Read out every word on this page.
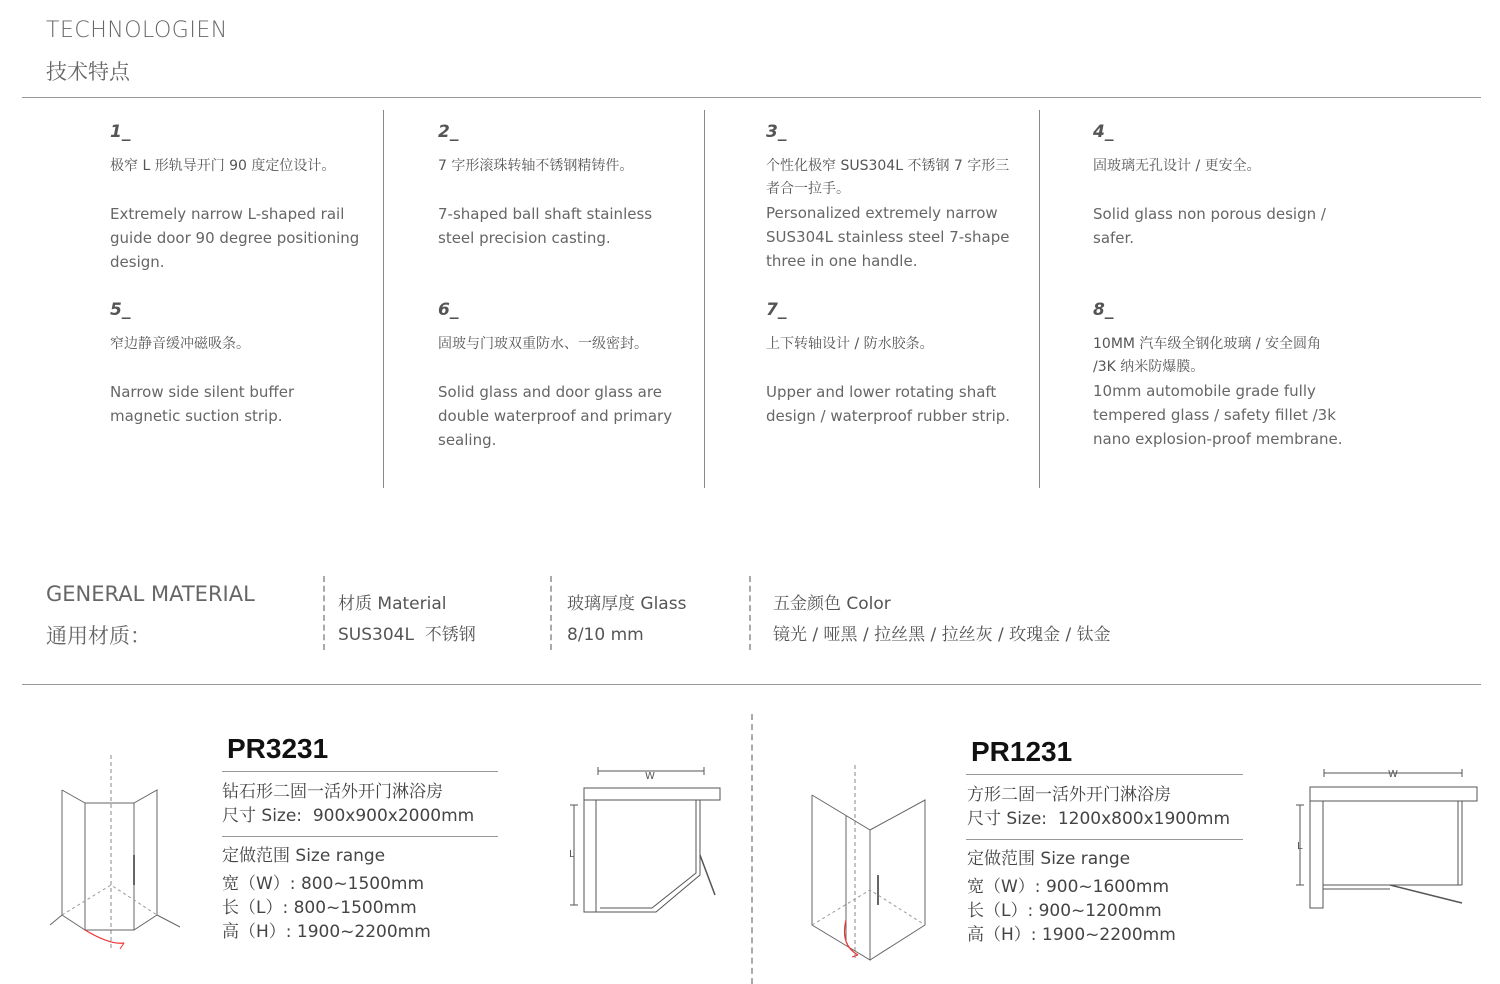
TECHNOLOGIEN
技术特点
1_
极窄 L 形轨导开门 90 度定位设计。
Extremely narrow L-shaped rail guide door 90 degree positioning design.
2_
7 字形滚珠转轴不锈钢精铸件。
7-shaped ball shaft stainless steel precision casting.
3_
个性化极窄 SUS304L 不锈钢 7 字形三者合一拉手。
Personalized extremely narrow SUS304L stainless steel 7-shape three in one handle.
4_
固玻璃无孔设计 / 更安全。
Solid glass non porous design / safer.
5_
窄边静音缓冲磁吸条。
Narrow side silent buffer magnetic suction strip.
6_
固玻与门玻双重防水、一级密封。
Solid glass and door glass are double waterproof and primary sealing.
7_
上下转轴设计 / 防水胶条。
Upper and lower rotating shaft design / waterproof rubber strip.
8_
10MM 汽车级全钢化玻璃 / 安全圆角 /3K 纳米防爆膜。
10mm automobile grade fully tempered glass / safety fillet /3k nano explosion-proof membrane.
GENERAL MATERIAL
通用材质：
材质 Material
SUS304L  不锈钢
玻璃厚度 Glass
8/10 mm
五金颜色 Color
镜光 / 哑黑 / 拉丝黑 / 拉丝灰 / 玫瑰金 / 钛金
PR3231
钻石形二固一活外开门淋浴房
尺寸 Size:  900x900x2000mm
定做范围 Size range
宽（W）: 800~1500mm
长（L）: 800~1500mm
高（H）: 1900~2200mm
W
L
PR1231
方形二固一活外开门淋浴房
尺寸 Size:  1200x800x1900mm
定做范围 Size range
宽（W）: 900~1600mm
长（L）: 900~1200mm
高（H）: 1900~2200mm
W
L
